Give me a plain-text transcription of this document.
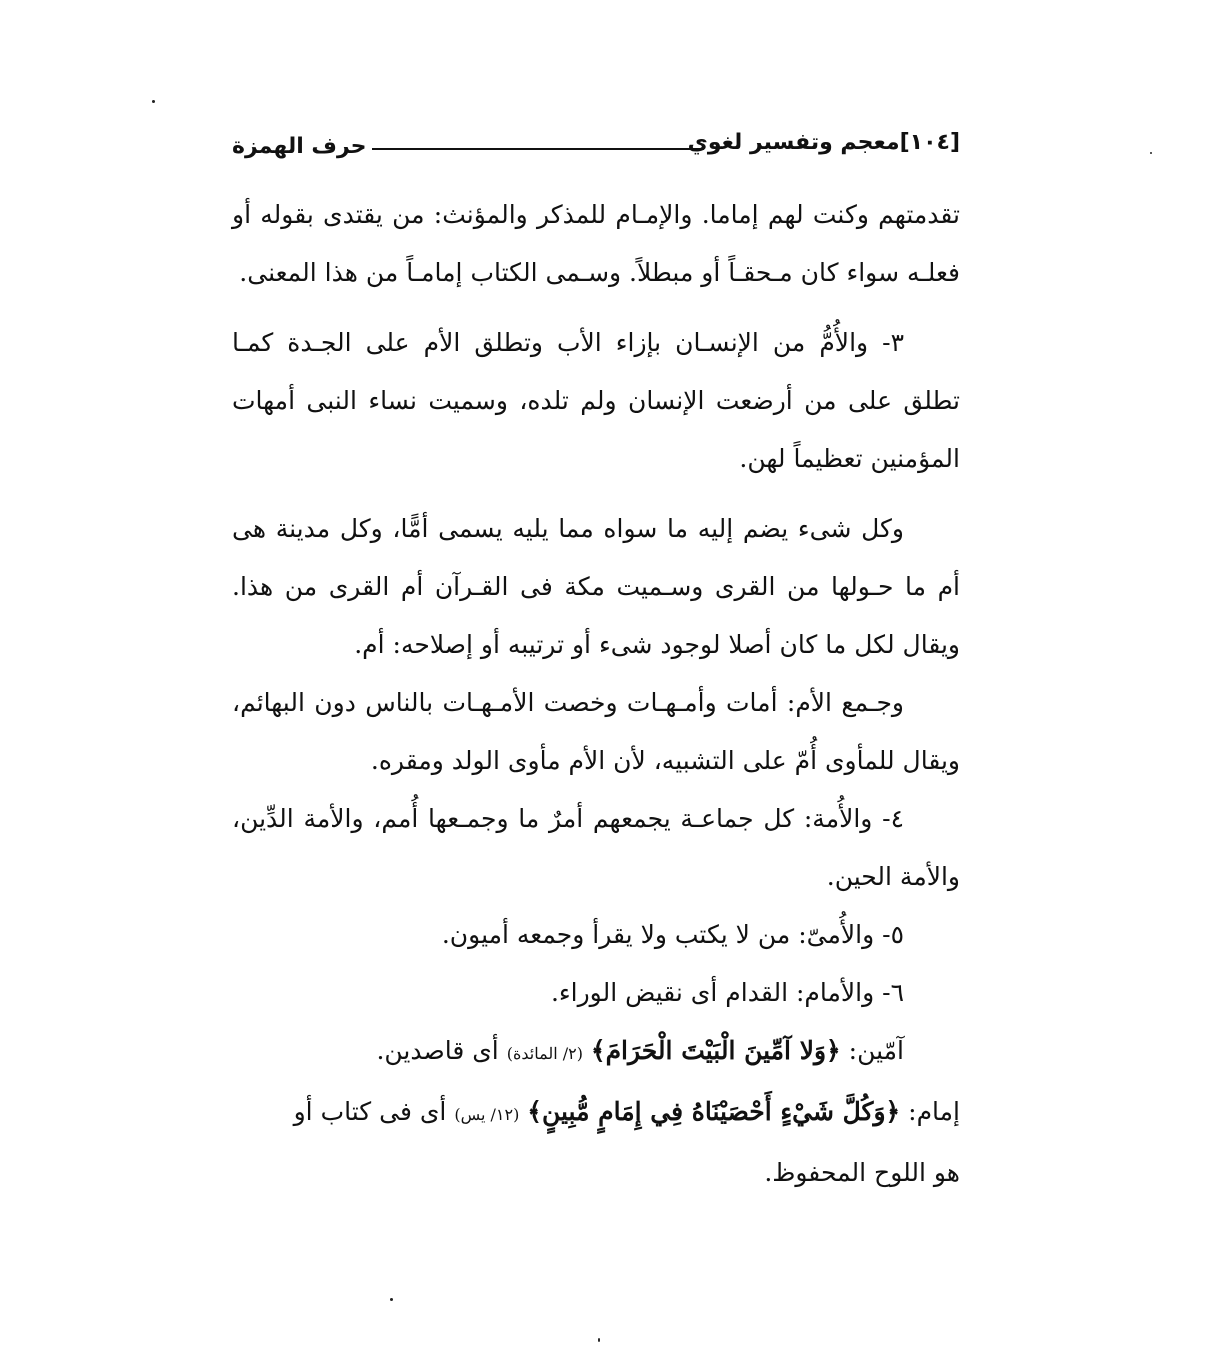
[١٠٤]معجم وتفسير لغوي
حرف الهمزة

تقدمتهم وكنت لهم إماما. والإمـام للمذكر والمؤنث: من يقتدى بقوله أو فعلـه سواء كان مـحقـاً أو مبطلاً. وسـمى الكتاب إمامـاً من هذا المعنى.

٣- والأُمُّ من الإنسـان بإزاء الأب وتطلق الأم على الجـدة كمـا تطلق على من أرضعت الإنسان ولم تلده، وسميت نساء النبى أمهات المؤمنين تعظيماً لهن.

وكل شىء يضم إليه ما سواه مما يليه يسمى أمًّا، وكل مدينة هى أم ما حـولها من القرى وسـميت مكة فى القـرآن أم القرى من هذا. ويقال لكل ما كان أصلا لوجود شىء أو ترتيبه أو إصلاحه: أم.

وجـمع الأم: أمات وأمـهـات وخصت الأمـهـات بالناس دون البهائم، ويقال للمأوى أُمّ على التشبيه، لأن الأم مأوى الولد ومقره.

٤- والأُمة: كل جماعـة يجمعهم أمرٌ ما وجمـعها أُمم، والأمة الدِّين، والأمة الحين.

٥- والأُمىّ: من لا يكتب ولا يقرأ وجمعه أميون.

٦- والأمام: القدام أى نقيض الوراء.

آمّين: ﴿وَلا آمِّينَ الْبَيْتَ الْحَرَامَ﴾ (٢/ المائدة) أى قاصدين.

إمام: ﴿وَكُلَّ شَيْءٍ أَحْصَيْنَاهُ فِي إِمَامٍ مُّبِينٍ﴾ (١٢/ يس) أى فى كتاب أو

هو اللوح المحفوظ.
